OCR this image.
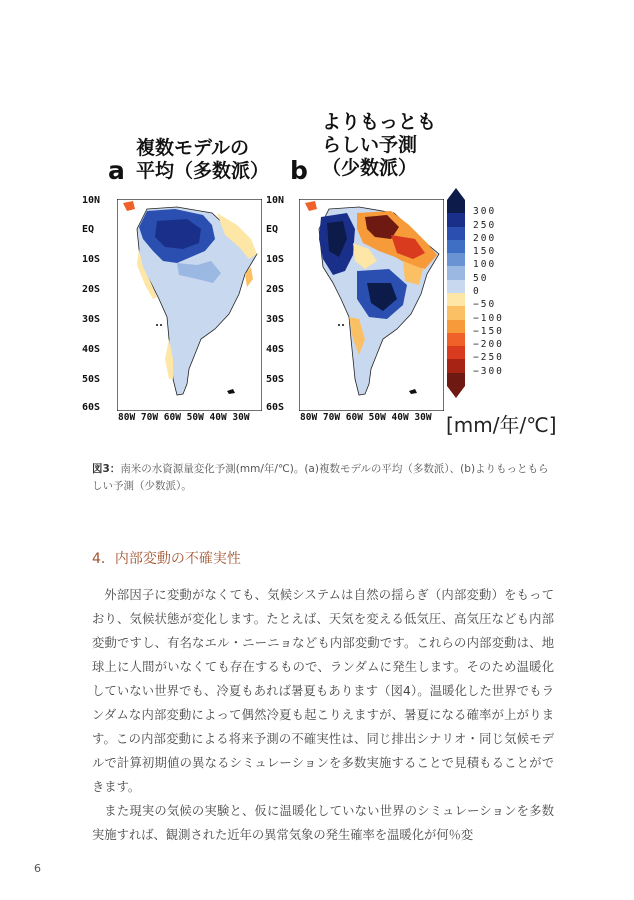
複数モデルの
平均（多数派）
a
よりもっとも
らしい予測
（少数派）
b
10N
EQ
10S
20S
30S
40S
50S
60S
80W 70W 60W 50W 40W 30W
10N
EQ
10S
20S
30S
40S
50S
60S
80W 70W 60W 50W 40W 30W
300
250
200
150
100
50
0
−50
−100
−150
−200
−250
−300
[mm/年/℃]
図3：南米の水資源量変化予測(mm/年/℃)。(a)複数モデルの平均（多数派）、(b)よりもっともらしい予測（少数派）。
4．内部変動の不確実性

外部因子に変動がなくても、気候システムは自然の揺らぎ（内部変動）をもっており、気候状態が変化します。たとえば、天気を変える低気圧、高気圧なども内部変動ですし、有名なエル・ニーニョなども内部変動です。これらの内部変動は、地球上に人間がいなくても存在するもので、ランダムに発生します。そのため温暖化していない世界でも、冷夏もあれば暑夏もあります（図4）。温暖化した世界でもランダムな内部変動によって偶然冷夏も起こりえますが、暑夏になる確率が上がります。この内部変動による将来予測の不確実性は、同じ排出シナリオ・同じ気候モデルで計算初期値の異なるシミュレーションを多数実施することで見積もることができます。

また現実の気候の実験と、仮に温暖化していない世界のシミュレーションを多数実施すれば、観測された近年の異常気象の発生確率を温暖化が何％変

6
